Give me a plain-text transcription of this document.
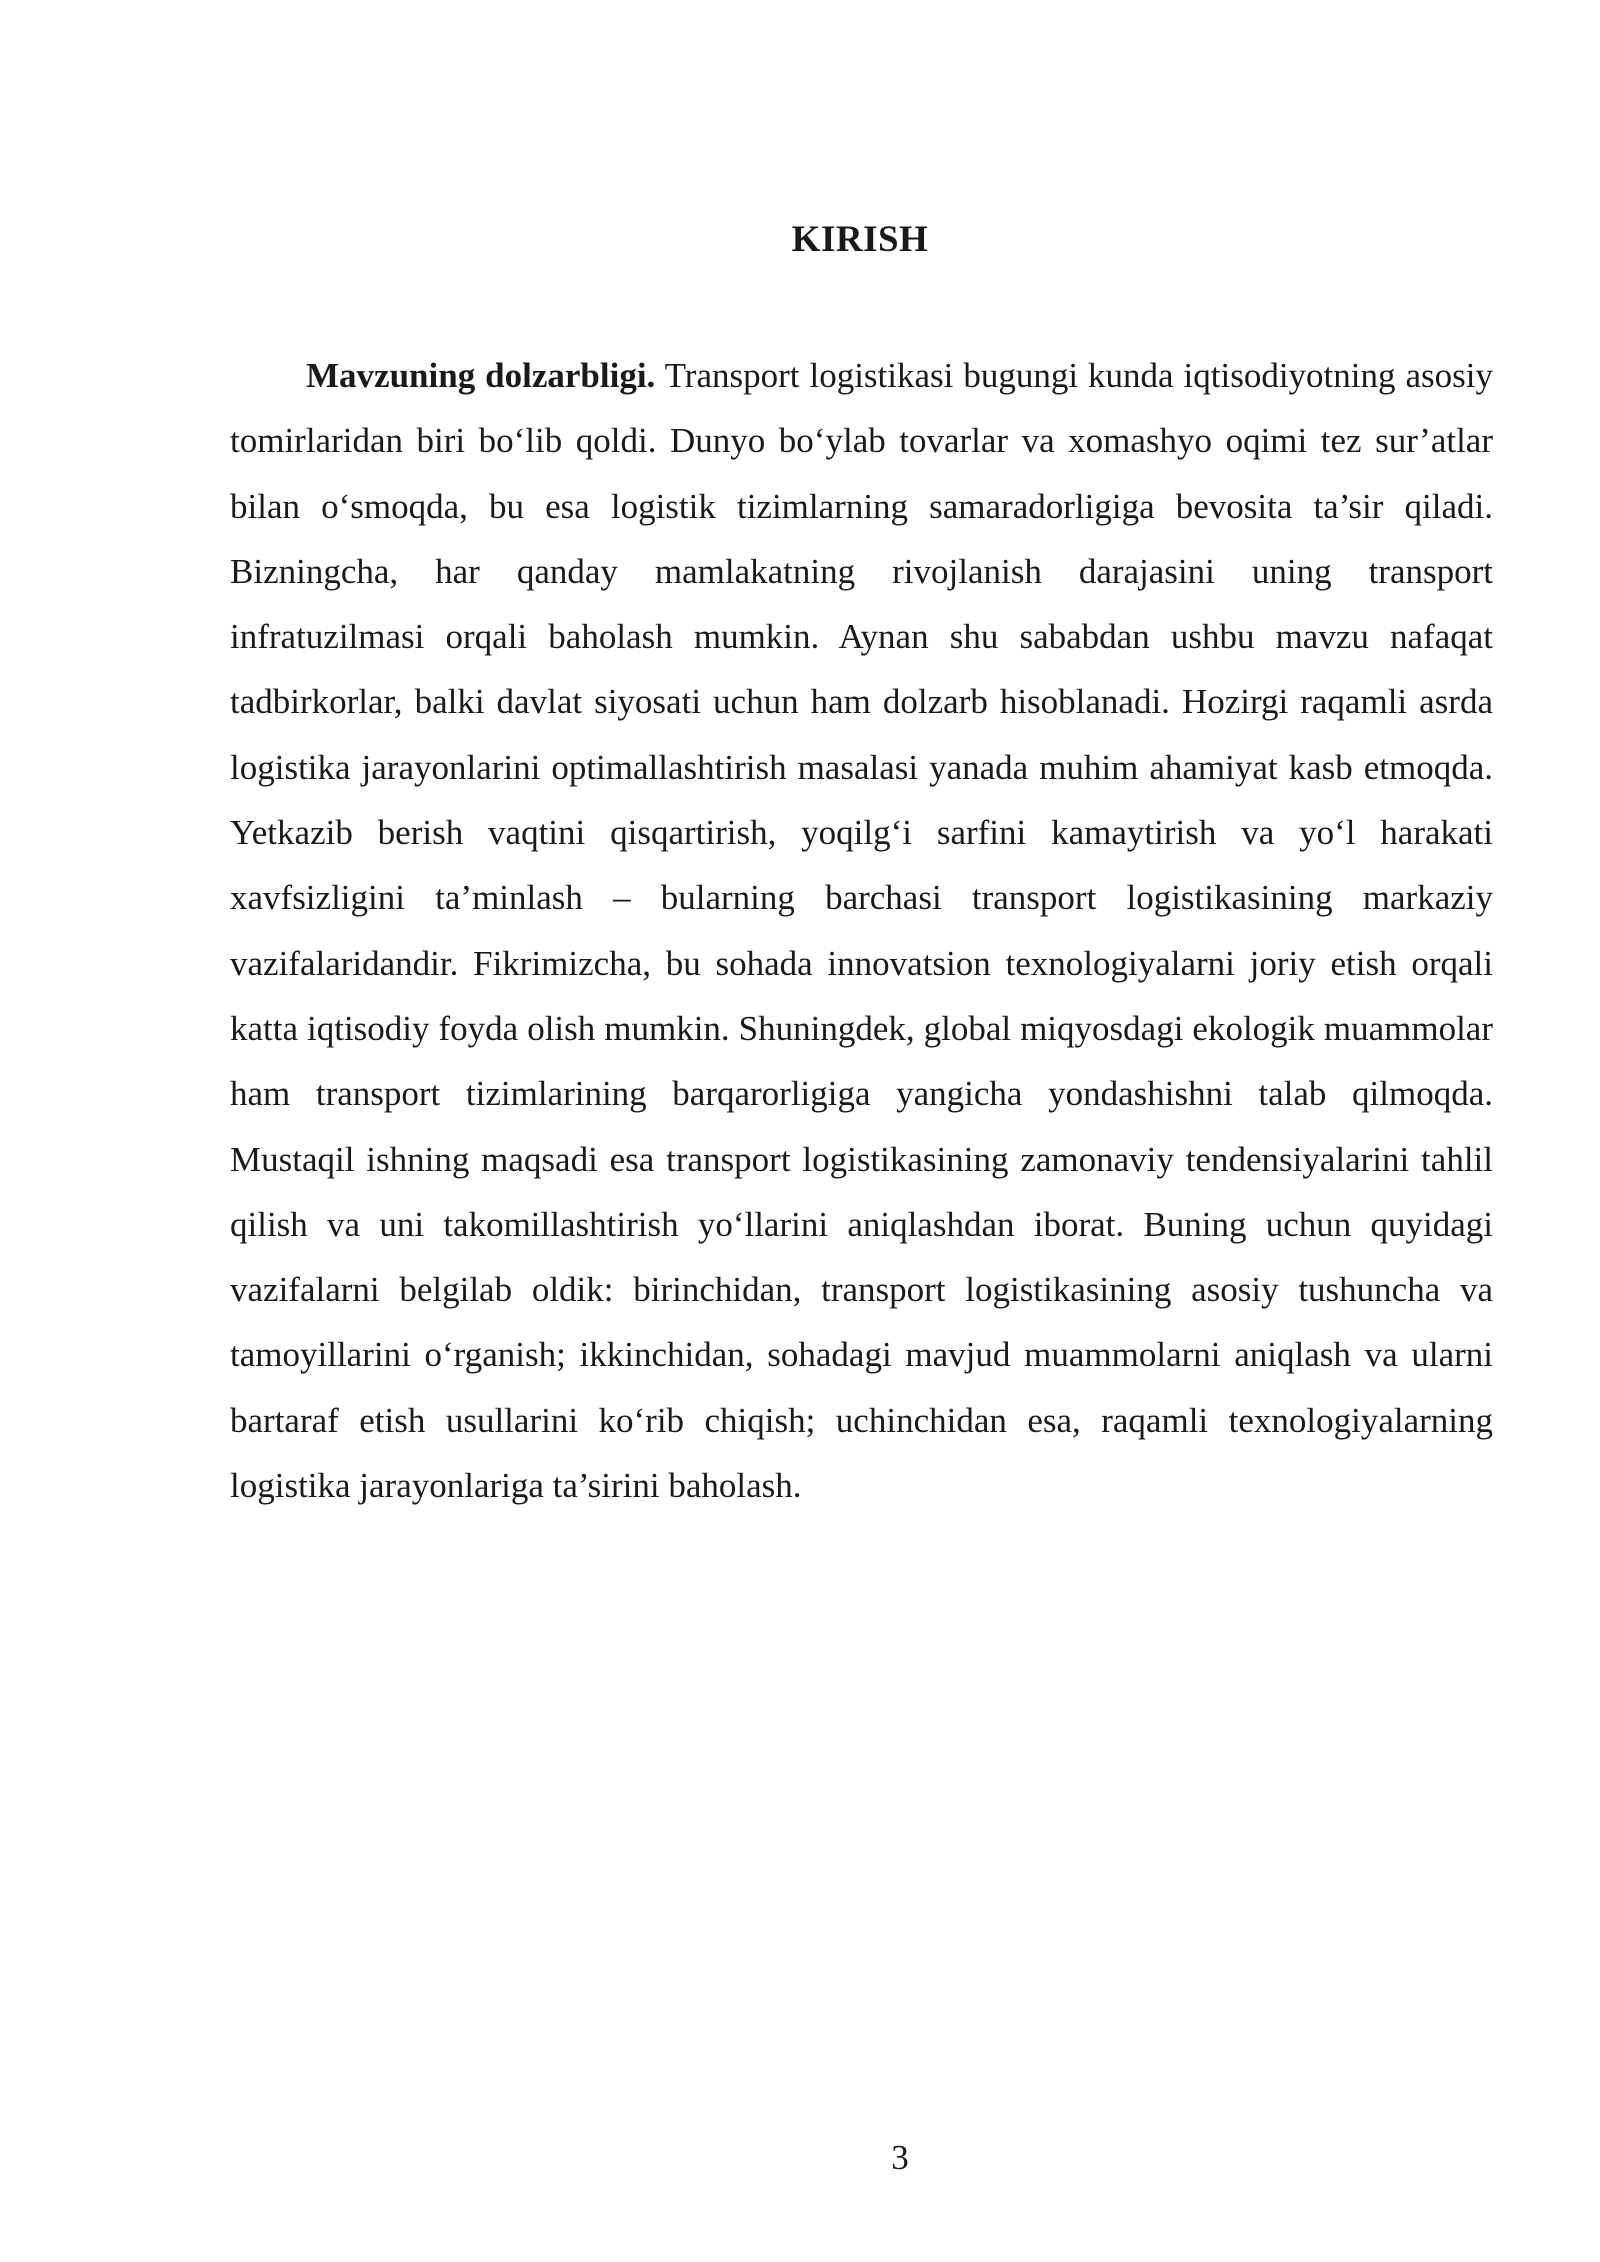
KIRISH

Mavzuning dolzarbligi. Transport logistikasi bugungi kunda iqtisodiyotning asosiy tomirlaridan biri bo‘lib qoldi. Dunyo bo‘ylab tovarlar va xomashyo oqimi tez sur’atlar bilan o‘smoqda, bu esa logistik tizimlarning samaradorligiga bevosita ta’sir qiladi. Bizningcha, har qanday mamlakatning rivojlanish darajasini uning transport infratuzilmasi orqali baholash mumkin. Aynan shu sababdan ushbu mavzu nafaqat tadbirkorlar, balki davlat siyosati uchun ham dolzarb hisoblanadi. Hozirgi raqamli asrda logistika jarayonlarini optimallashtirish masalasi yanada muhim ahamiyat kasb etmoqda. Yetkazib berish vaqtini qisqartirish, yoqilg‘i sarfini kamaytirish va yo‘l harakati xavfsizligini ta’minlash – bularning barchasi transport logistikasining markaziy vazifalaridandir. Fikrimizcha, bu sohada innovatsion texnologiyalarni joriy etish orqali katta iqtisodiy foyda olish mumkin. Shuningdek, global miqyosdagi ekologik muammolar ham transport tizimlarining barqarorligiga yangicha yondashishni talab qilmoqda. Mustaqil ishning maqsadi esa transport logistikasining zamonaviy tendensiyalarini tahlil qilish va uni takomillashtirish yo‘llarini aniqlashdan iborat. Buning uchun quyidagi vazifalarni belgilab oldik: birinchidan, transport logistikasining asosiy tushuncha va tamoyillarini o‘rganish; ikkinchidan, sohadagi mavjud muammolarni aniqlash va ularni bartaraf etish usullarini ko‘rib chiqish; uchinchidan esa, raqamli texnologiyalarning logistika jarayonlariga ta’sirini baholash.

3
